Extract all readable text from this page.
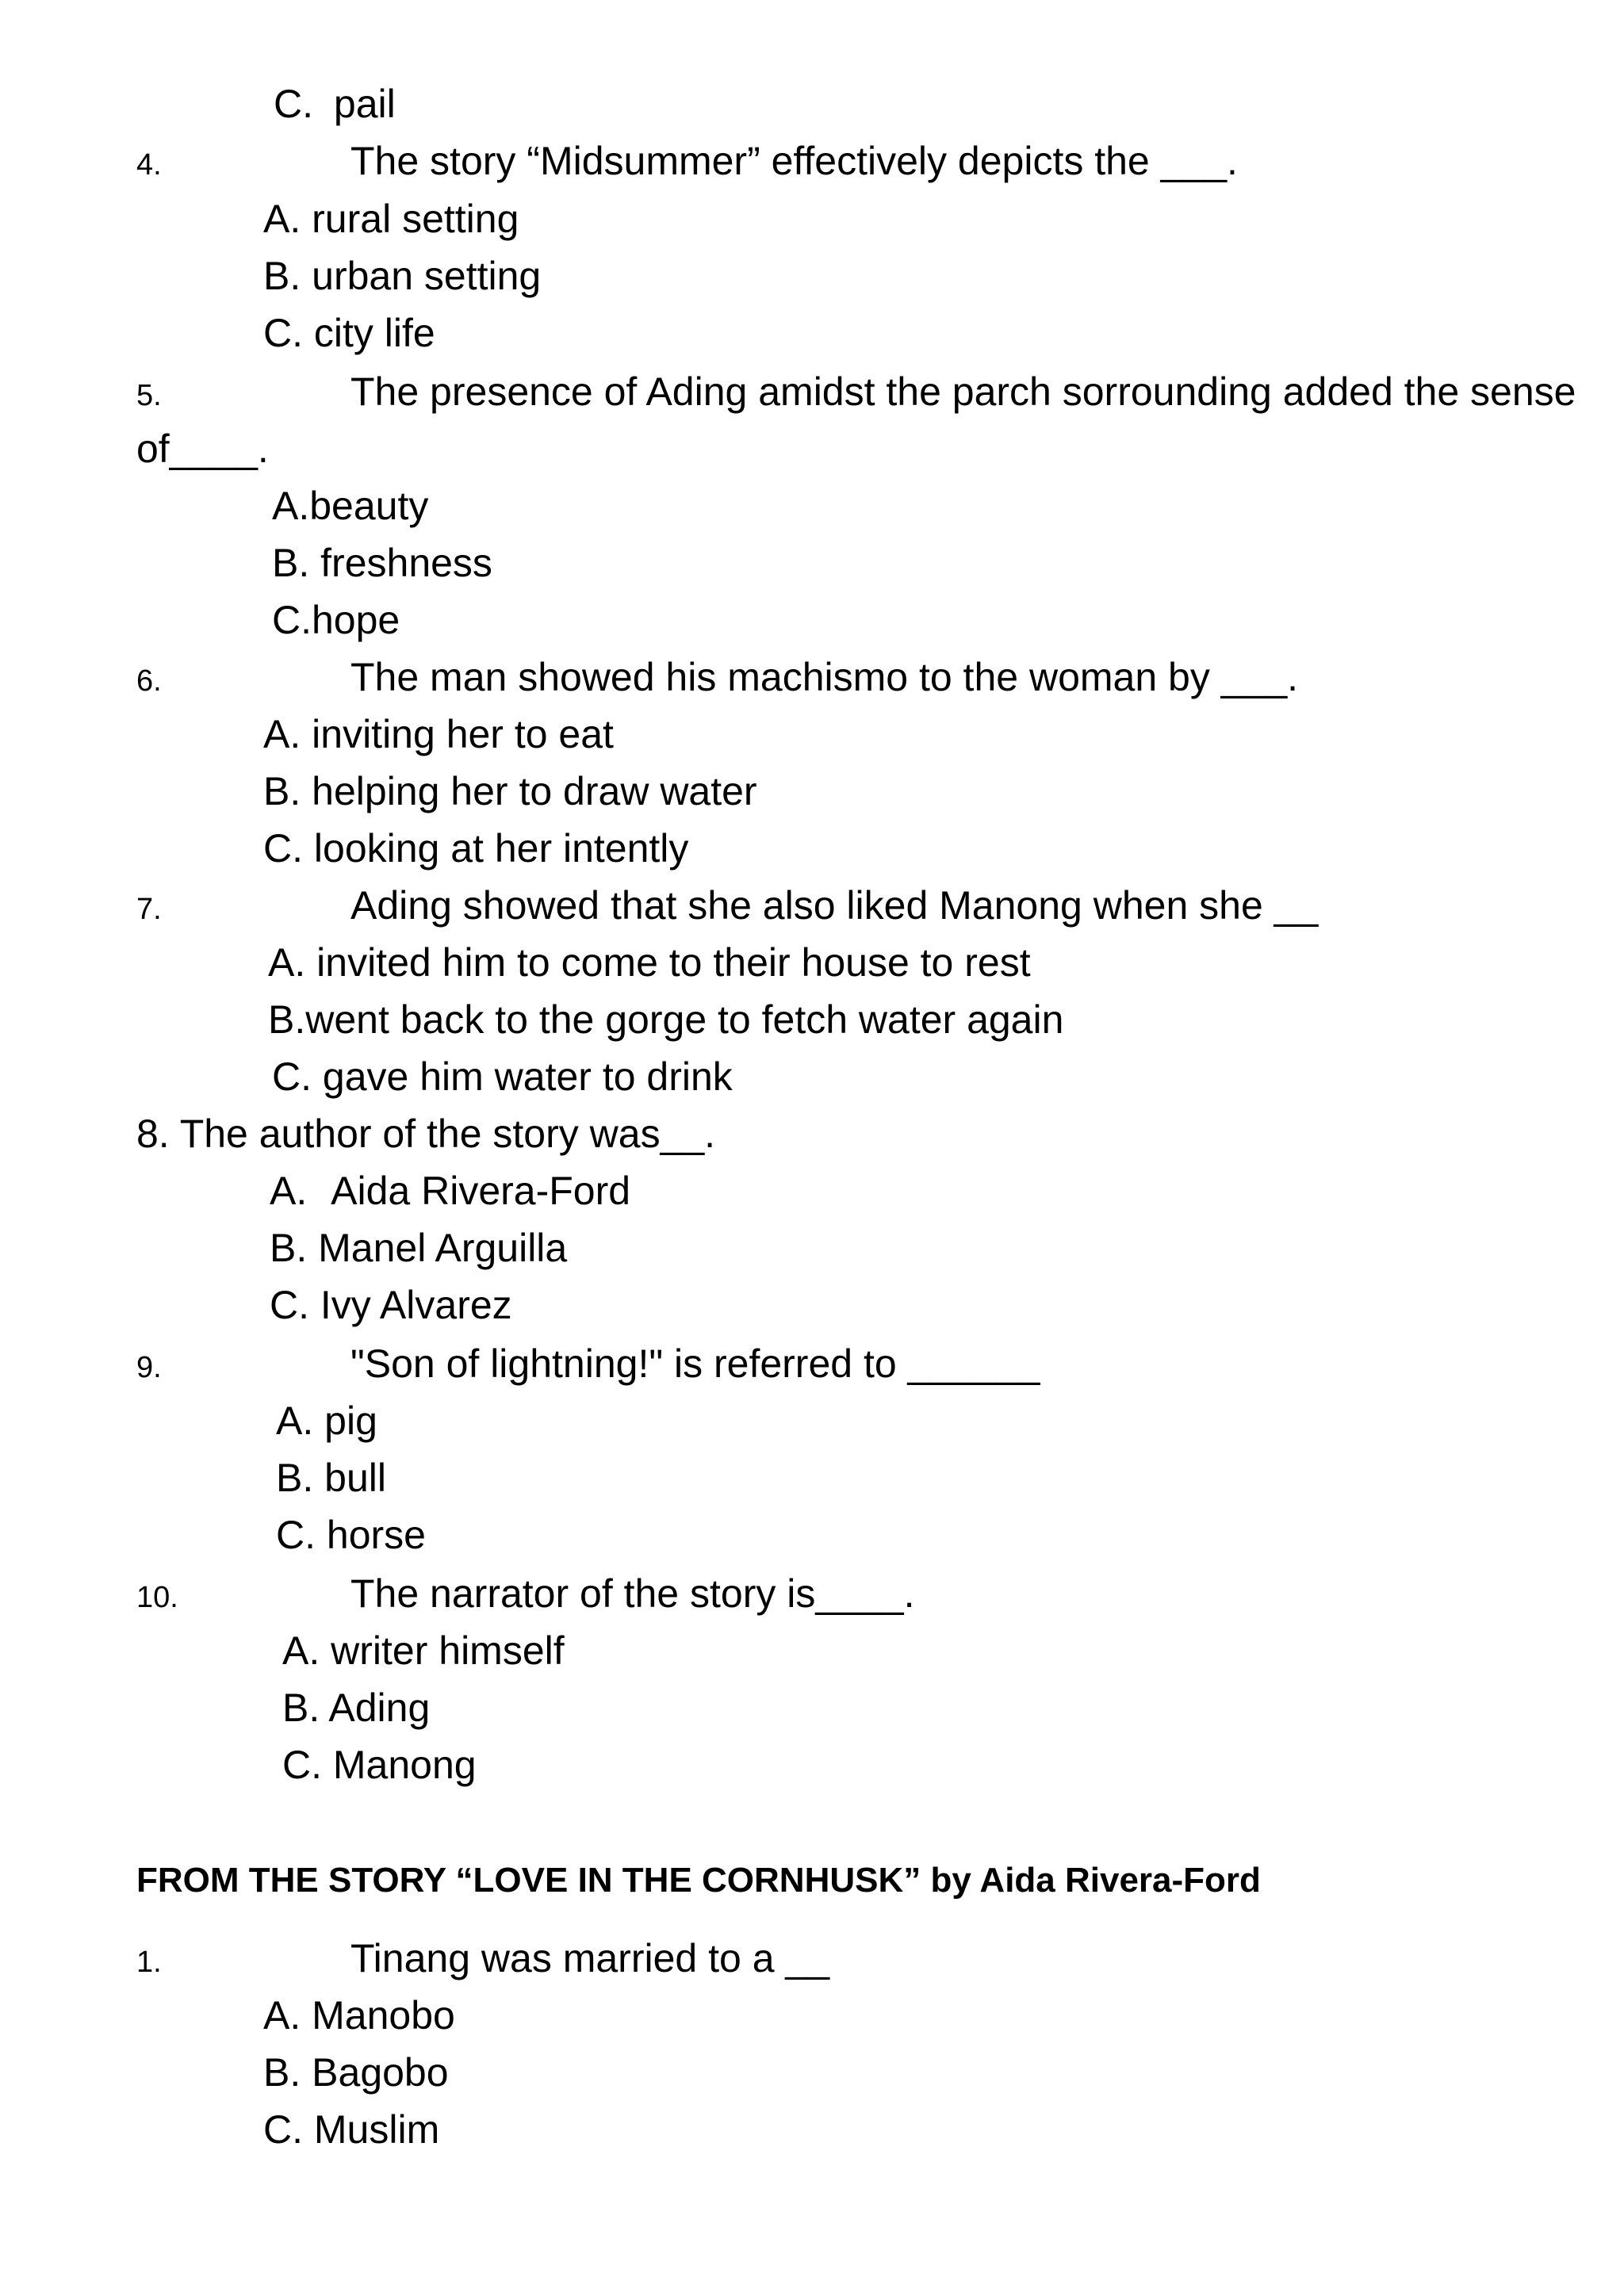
C. pail
4.	The story “Midsummer” effectively depicts the ___.
A. rural setting
B. urban setting
C. city life
5.	The presence of Ading amidst the parch sorrounding added the sense
of____.
A.beauty
B. freshness
C.hope
6.	The man showed his machismo to the woman by ___.
A. inviting her to eat
B. helping her to draw water
C. looking at her intently
7.	Ading showed that she also liked Manong when she __
A. invited him to come to their house to rest
B.went back to the gorge to fetch water again
C. gave him water to drink
8. The author of the story was__.
A. Aida Rivera-Ford
B. Manel Arguilla
C. Ivy Alvarez
9.	"Son of lightning!" is referred to ______
A. pig
B. bull
C. horse
10.	The narrator of the story is____.
A. writer himself
B. Ading
C. Manong
FROM THE STORY “LOVE IN THE CORNHUSK” by Aida Rivera-Ford
1.	Tinang was married to a __
A. Manobo
B. Bagobo
C. Muslim
